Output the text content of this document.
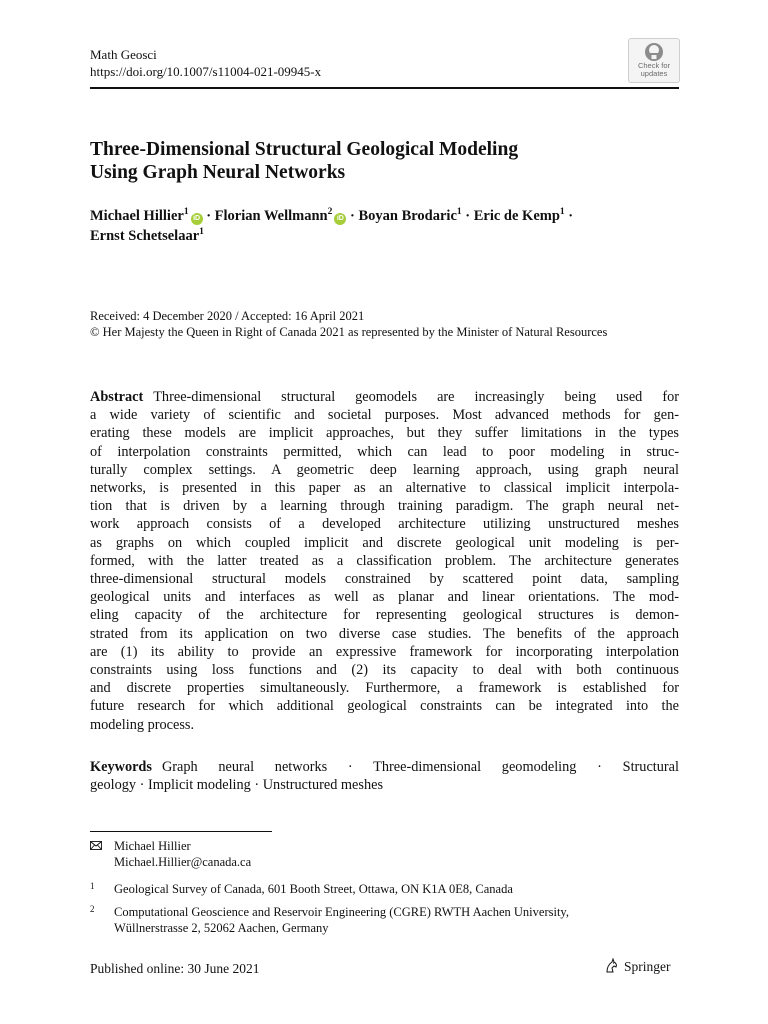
Math Geosci
https://doi.org/10.1007/s11004-021-09945-x	Check for
updates
Three-Dimensional Structural Geological Modeling
Using Graph Neural Networks
Michael Hillier$^1$iD · Florian Wellmann$^2$iD · Boyan Brodaric$^1$ · Eric de Kemp$^1$ ·
Ernst Schetselaar$^1$
Received: 4 December 2020 / Accepted: 16 April 2021
© Her Majesty the Queen in Right of Canada 2021 as represented by the Minister of Natural Resources
Abstract Three-dimensional structural geomodels are increasingly being used for
a wide variety of scientific and societal purposes. Most advanced methods for gen-
erating these models are implicit approaches, but they suffer limitations in the types
of interpolation constraints permitted, which can lead to poor modeling in struc-
turally complex settings. A geometric deep learning approach, using graph neural
networks, is presented in this paper as an alternative to classical implicit interpola-
tion that is driven by a learning through training paradigm. The graph neural net-
work approach consists of a developed architecture utilizing unstructured meshes
as graphs on which coupled implicit and discrete geological unit modeling is per-
formed, with the latter treated as a classification problem. The architecture generates
three-dimensional structural models constrained by scattered point data, sampling
geological units and interfaces as well as planar and linear orientations. The mod-
eling capacity of the architecture for representing geological structures is demon-
strated from its application on two diverse case studies. The benefits of the approach
are (1) its ability to provide an expressive framework for incorporating interpolation
constraints using loss functions and (2) its capacity to deal with both continuous
and discrete properties simultaneously. Furthermore, a framework is established for
future research for which additional geological constraints can be integrated into the
modeling process.
Keywords Graph neural networks · Three-dimensional geomodeling · Structural
geology · Implicit modeling · Unstructured meshes
Michael Hillier
Michael.Hillier@canada.ca
1 Geological Survey of Canada, 601 Booth Street, Ottawa, ON K1A 0E8, Canada
2 Computational Geoscience and Reservoir Engineering (CGRE) RWTH Aachen University,
Wüllnerstrasse 2, 52062 Aachen, Germany
Published online: 30 June 2021	Springer
